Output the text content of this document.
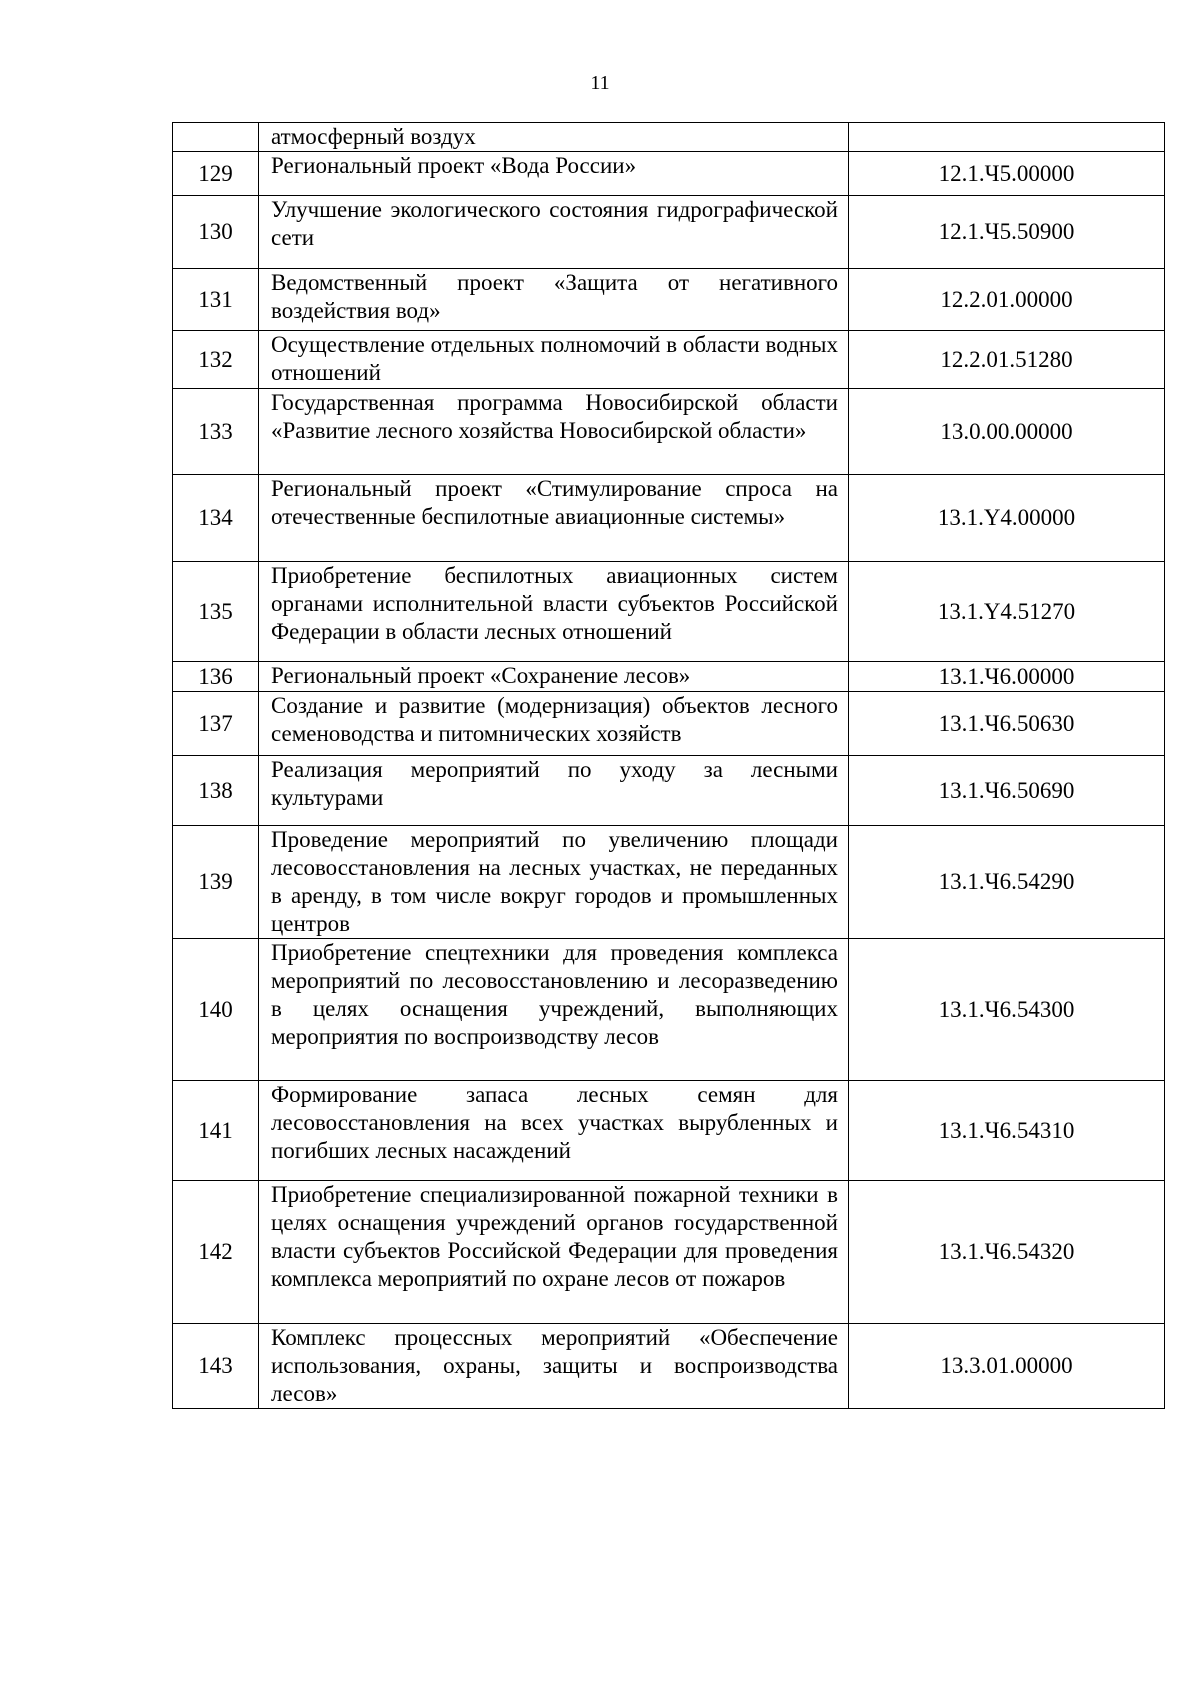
11
	атмосферный воздух	
129	Региональный проект «Вода России»	12.1.Ч5.00000
130	Улучшение экологического состояния гидрографической сети	12.1.Ч5.50900
131	Ведомственный проект «Защита от негативного воздействия вод»	12.2.01.00000
132	Осуществление отдельных полномочий в области водных отношений	12.2.01.51280
133	Государственная программа Новосибирской области «Развитие лесного хозяйства Новосибирской области»	13.0.00.00000
134	Региональный проект «Стимулирование спроса на отечественные беспилотные авиационные системы»	13.1.Y4.00000
135	Приобретение беспилотных авиационных систем органами исполнительной власти субъектов Российской Федерации в области лесных отношений	13.1.Y4.51270
136	Региональный проект «Сохранение лесов»	13.1.Ч6.00000
137	Создание и развитие (модернизация) объектов лесного семеноводства и питомнических хозяйств	13.1.Ч6.50630
138	Реализация мероприятий по уходу за лесными культурами	13.1.Ч6.50690
139	Проведение мероприятий по увеличению площади лесовосстановления на лесных участках, не переданных в аренду, в том числе вокруг городов и промышленных центров	13.1.Ч6.54290
140	Приобретение спецтехники для проведения комплекса мероприятий по лесовосстановлению и лесоразведению в целях оснащения учреждений, выполняющих мероприятия по воспроизводству лесов	13.1.Ч6.54300
141	Формирование запаса лесных семян для лесовосстановления на всех участках вырубленных и погибших лесных насаждений	13.1.Ч6.54310
142	Приобретение специализированной пожарной техники в целях оснащения учреждений органов государственной власти субъектов Российской Федерации для проведения комплекса мероприятий по охране лесов от пожаров	13.1.Ч6.54320
143	Комплекс процессных мероприятий «Обеспечение использования, охраны, защиты и воспроизводства лесов»	13.3.01.00000
